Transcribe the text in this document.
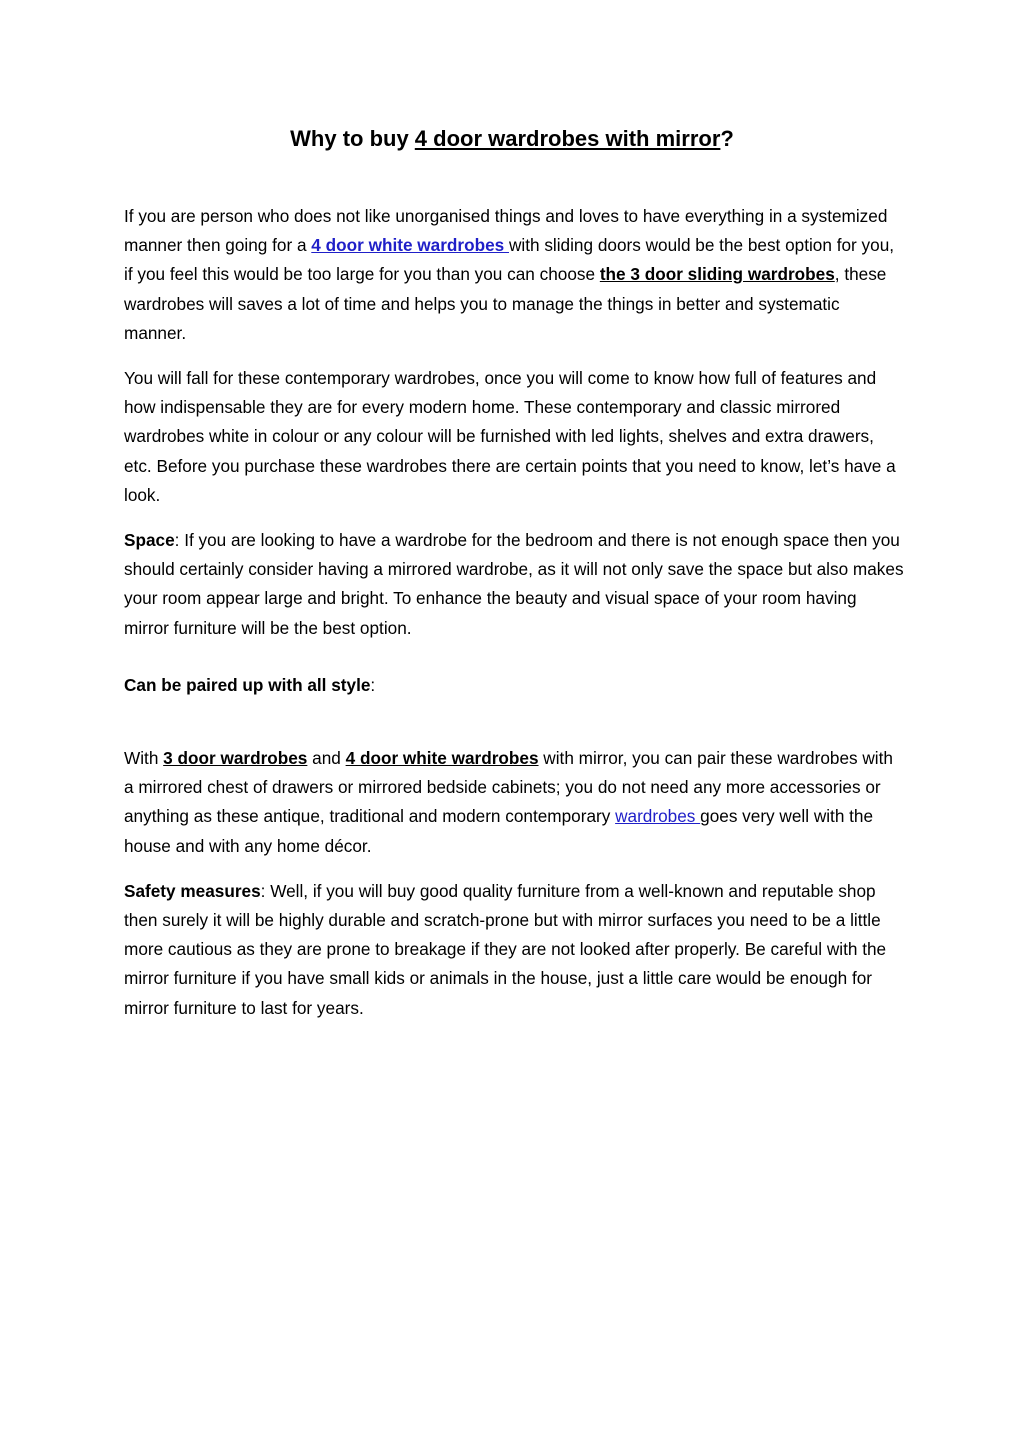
Why to buy 4 door wardrobes with mirror?

If you are person who does not like unorganised things and loves to have everything in a systemized manner then going for a 4 door white wardrobes with sliding doors would be the best option for you, if you feel this would be too large for you than you can choose the 3 door sliding wardrobes, these wardrobes will saves a lot of time and helps you to manage the things in better and systematic manner.

You will fall for these contemporary wardrobes, once you will come to know how full of features and how indispensable they are for every modern home. These contemporary and classic mirrored wardrobes white in colour or any colour will be furnished with led lights, shelves and extra drawers, etc. Before you purchase these wardrobes there are certain points that you need to know, let’s have a look.

Space: If you are looking to have a wardrobe for the bedroom and there is not enough space then you should certainly consider having a mirrored wardrobe, as it will not only save the space but also makes your room appear large and bright. To enhance the beauty and visual space of your room having mirror furniture will be the best option.

Can be paired up with all style:

With 3 door wardrobes and 4 door white wardrobes with mirror, you can pair these wardrobes with a mirrored chest of drawers or mirrored bedside cabinets; you do not need any more accessories or anything as these antique, traditional and modern contemporary wardrobes goes very well with the house and with any home décor.

Safety measures: Well, if you will buy good quality furniture from a well-known and reputable shop then surely it will be highly durable and scratch-prone but with mirror surfaces you need to be a little more cautious as they are prone to breakage if they are not looked after properly. Be careful with the mirror furniture if you have small kids or animals in the house, just a little care would be enough for mirror furniture to last for years.
